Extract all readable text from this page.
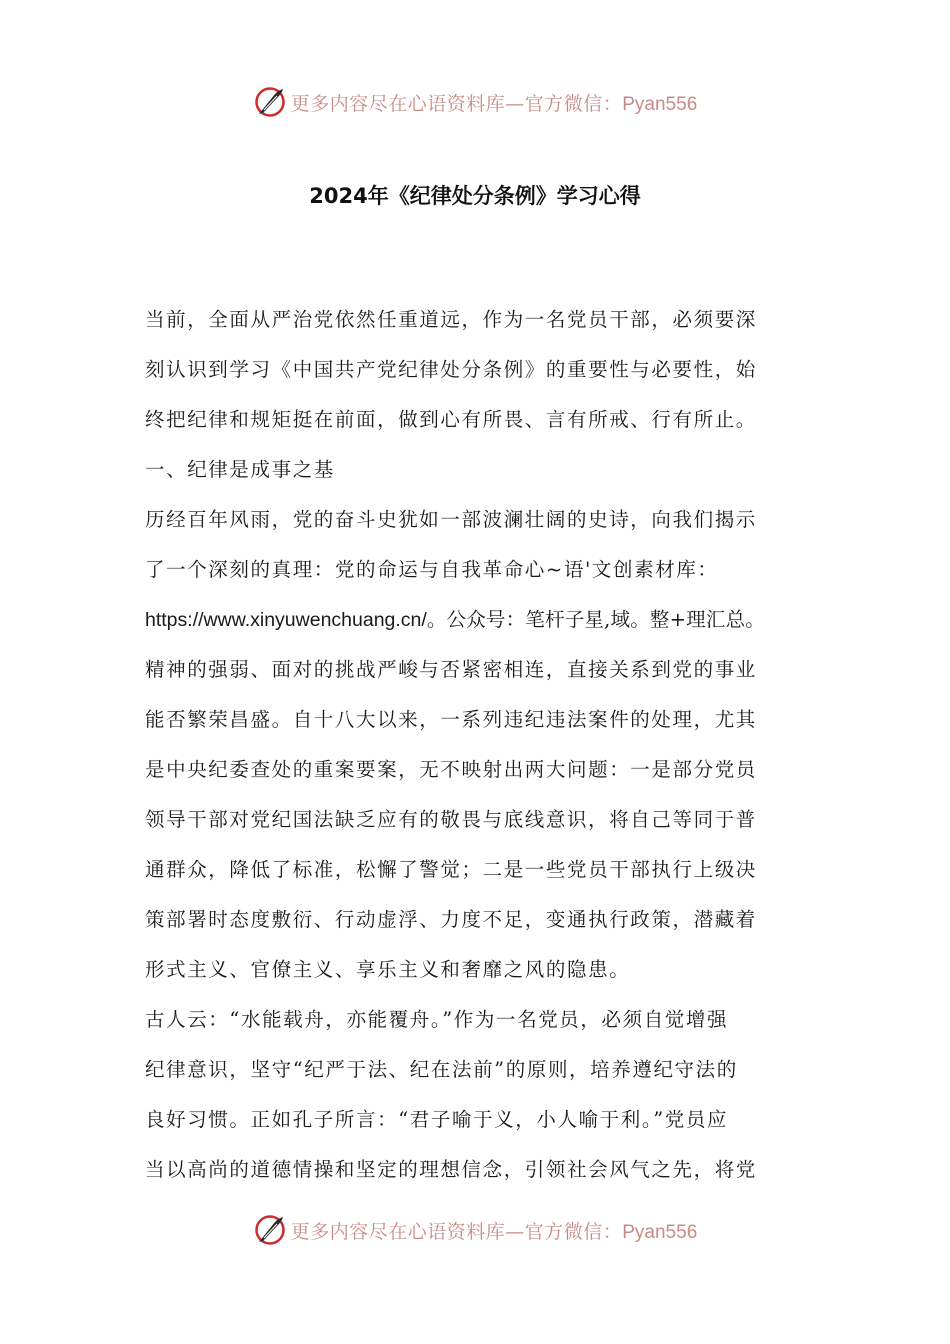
更多内容尽在心语资料库—官方微信：Pyan556
2024年《纪律处分条例》学习心得
当前，全面从严治党依然任重道远，作为一名党员干部，必须要深
刻认识到学习《中国共产党纪律处分条例》的重要性与必要性，始
终把纪律和规矩挺在前面，做到心有所畏、言有所戒、行有所止。
一、纪律是成事之基
历经百年风雨，党的奋斗史犹如一部波澜壮阔的史诗，向我们揭示
了一个深刻的真理：党的命运与自我革命心~语'文创素材库：
https://www.xinyuwenchuang.cn/。公众号：笔杆子星,域。整+理汇总。
精神的强弱、面对的挑战严峻与否紧密相连，直接关系到党的事业
能否繁荣昌盛。自十八大以来，一系列违纪违法案件的处理，尤其
是中央纪委查处的重案要案，无不映射出两大问题：一是部分党员
领导干部对党纪国法缺乏应有的敬畏与底线意识，将自己等同于普
通群众，降低了标准，松懈了警觉；二是一些党员干部执行上级决
策部署时态度敷衍、行动虚浮、力度不足，变通执行政策，潜藏着
形式主义、官僚主义、享乐主义和奢靡之风的隐患。
古人云：“水能载舟，亦能覆舟。”作为一名党员，必须自觉增强
纪律意识，坚守“纪严于法、纪在法前”的原则，培养遵纪守法的
良好习惯。正如孔子所言：“君子喻于义，小人喻于利。”党员应
当以高尚的道德情操和坚定的理想信念，引领社会风气之先，将党
更多内容尽在心语资料库—官方微信：Pyan556
